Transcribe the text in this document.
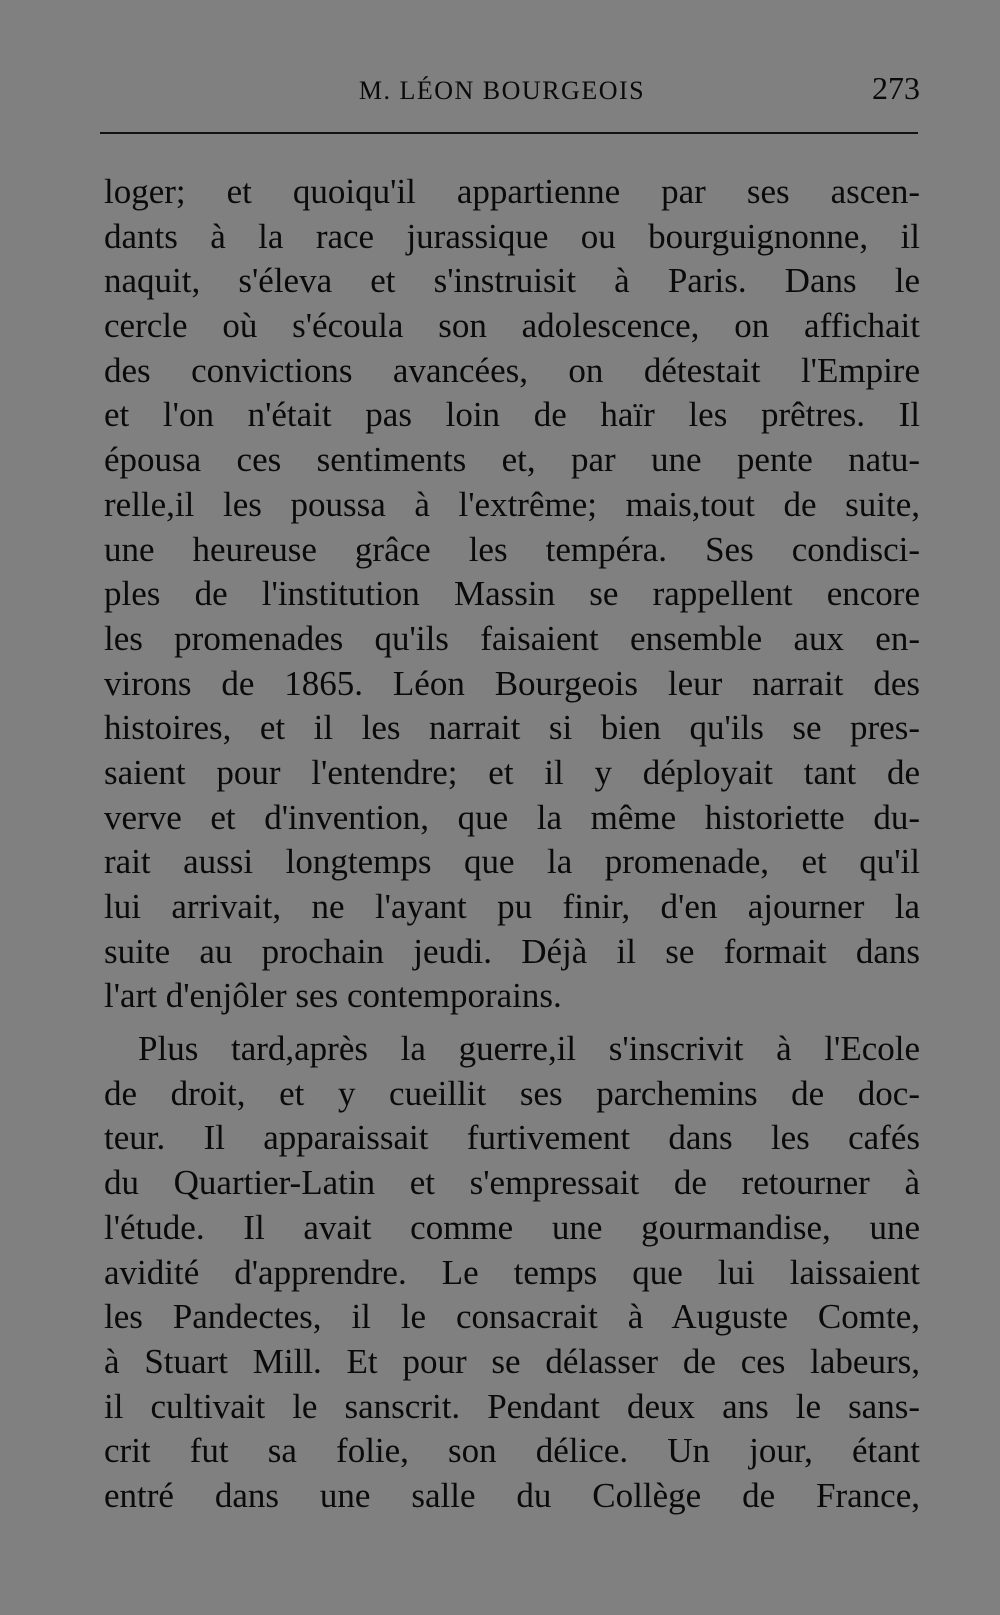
M. LÉON BOURGEOIS	273
loger; et quoiqu'il appartienne par ses ascen-
dants à la race jurassique ou bourguignonne, il
naquit, s'éleva et s'instruisit à Paris. Dans le
cercle où s'écoula son adolescence, on affichait
des convictions avancées, on détestait l'Empire
et l'on n'était pas loin de haïr les prêtres. Il
épousa ces sentiments et, par une pente natu-
relle,il les poussa à l'extrême; mais,tout de suite,
une heureuse grâce les tempéra. Ses condisci-
ples de l'institution Massin se rappellent encore
les promenades qu'ils faisaient ensemble aux en-
virons de 1865. Léon Bourgeois leur narrait des
histoires, et il les narrait si bien qu'ils se pres-
saient pour l'entendre; et il y déployait tant de
verve et d'invention, que la même historiette du-
rait aussi longtemps que la promenade, et qu'il
lui arrivait, ne l'ayant pu finir, d'en ajourner la
suite au prochain jeudi. Déjà il se formait dans
l'art d'enjôler ses contemporains.
Plus tard,après la guerre,il s'inscrivit à l'Ecole
de droit, et y cueillit ses parchemins de doc-
teur. Il apparaissait furtivement dans les cafés
du Quartier-Latin et s'empressait de retourner à
l'étude. Il avait comme une gourmandise, une
avidité d'apprendre. Le temps que lui laissaient
les Pandectes, il le consacrait à Auguste Comte,
à Stuart Mill. Et pour se délasser de ces labeurs,
il cultivait le sanscrit. Pendant deux ans le sans-
crit fut sa folie, son délice. Un jour, étant
entré dans une salle du Collège de France,
